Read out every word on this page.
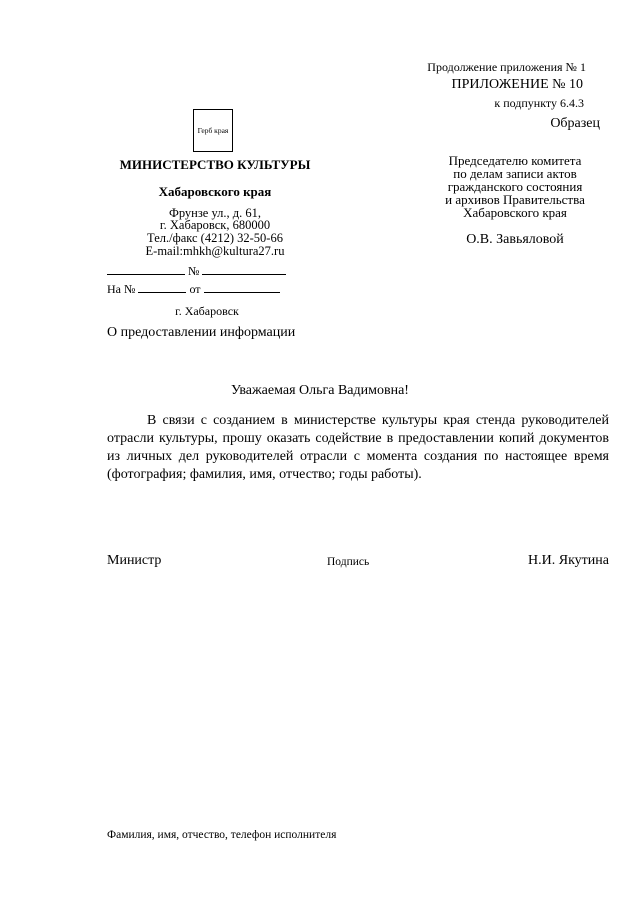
Продолжение приложения № 1
ПРИЛОЖЕНИЕ № 10
к подпункту 6.4.3
Образец
Герб края
МИНИСТЕРСТВО КУЛЬТУРЫ
Хабаровского края
Фрунзе ул., д. 61,
г. Хабаровск, 680000
Тел./факс (4212) 32-50-66
E-mail:mhkh@kultura27.ru
№
На №	от
г. Хабаровск
О предоставлении информации
Председателю комитета
по делам записи актов
гражданского состояния
и архивов Правительства
Хабаровского края
О.В. Завьяловой
Уважаемая Ольга Вадимовна!
В связи с созданием в министерстве культуры края стенда руководителей отрасли культуры, прошу оказать содействие в предоставлении копий документов из личных дел руководителей отрасли с момента создания по настоящее время (фотография; фамилия, имя, отчество; годы работы).
Министр	Подпись	Н.И. Якутина
Фамилия, имя, отчество, телефон исполнителя
